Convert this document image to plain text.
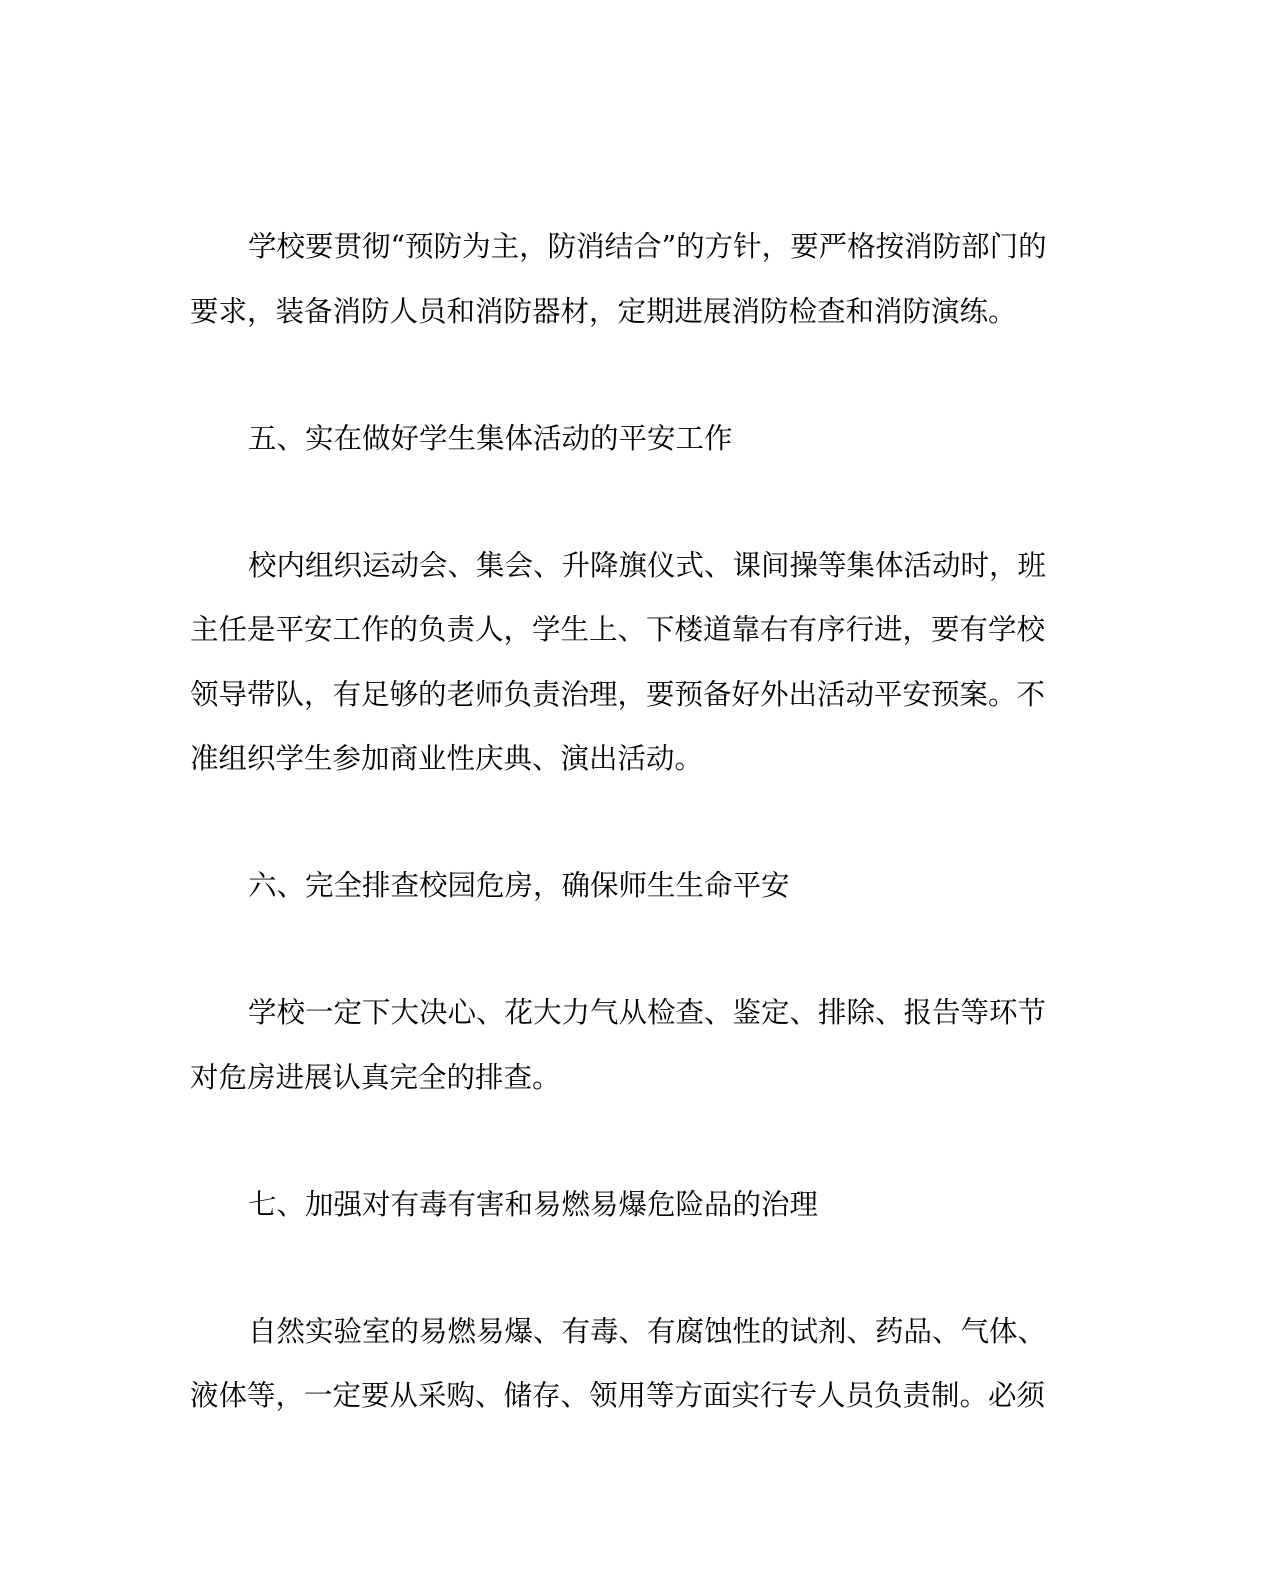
学校要贯彻“预防为主，防消结合”的方针，要严格按消防部门的
要求，装备消防人员和消防器材，定期进展消防检查和消防演练。
五、实在做好学生集体活动的平安工作
校内组织运动会、集会、升降旗仪式、课间操等集体活动时，班
主任是平安工作的负责人，学生上、下楼道靠右有序行进，要有学校
领导带队，有足够的老师负责治理，要预备好外出活动平安预案。不
准组织学生参加商业性庆典、演出活动。
六、完全排查校园危房，确保师生生命平安
学校一定下大决心、花大力气从检查、鉴定、排除、报告等环节
对危房进展认真完全的排查。
七、加强对有毒有害和易燃易爆危险品的治理
自然实验室的易燃易爆、有毒、有腐蚀性的试剂、药品、气体、
液体等，一定要从采购、储存、领用等方面实行专人员负责制。必须
